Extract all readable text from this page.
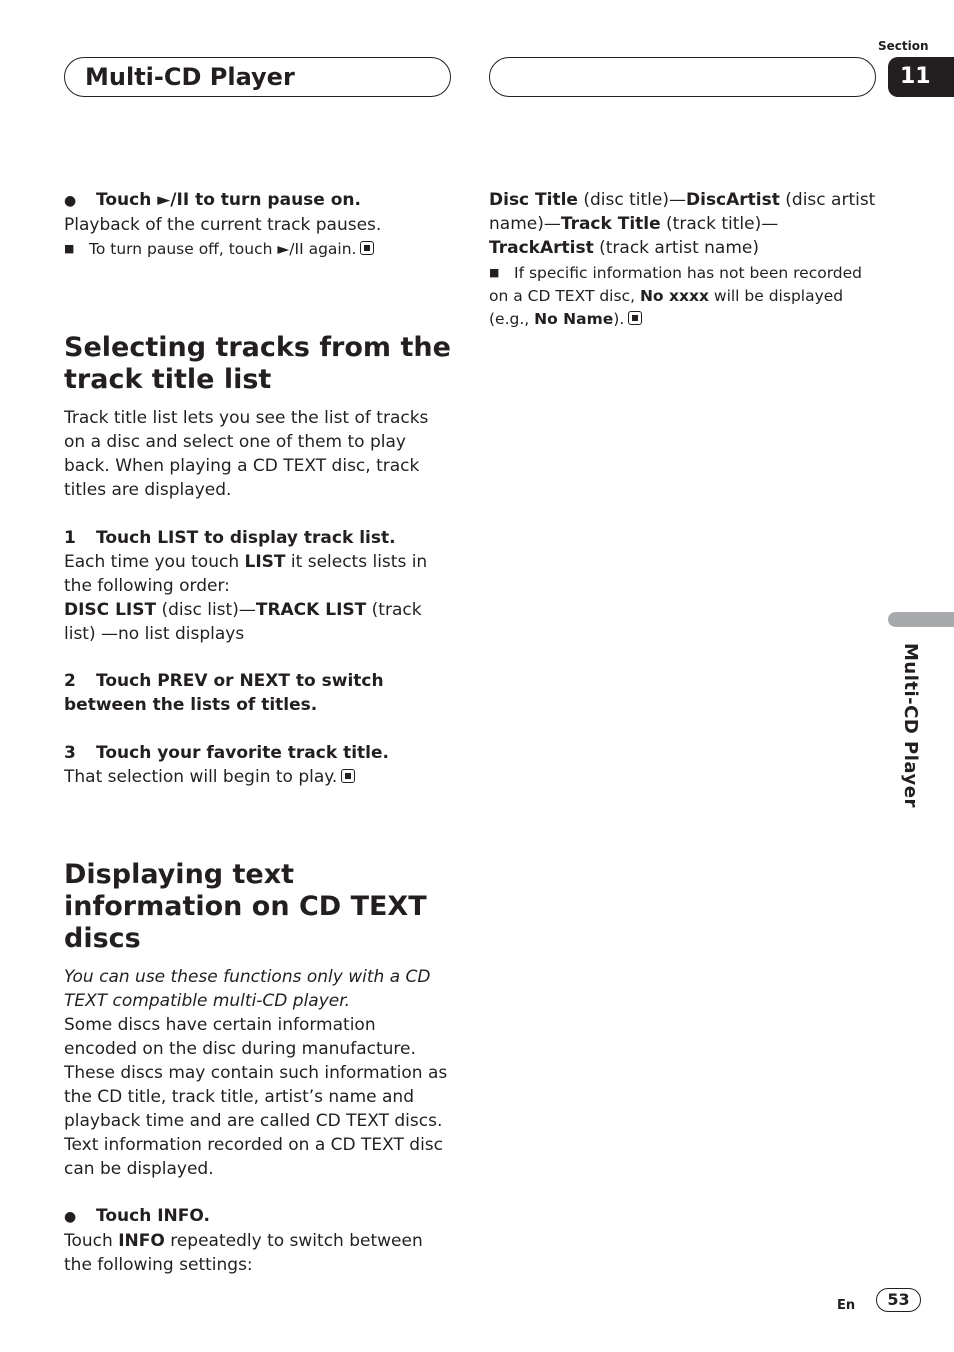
Multi-CD Player
Section
11
Multi-CD Player

●Touch ►/II to turn pause on.

Playback of the current track pauses.

■ To turn pause off, touch ►/II again.

Selecting tracks from the track title list

Track title list lets you see the list of tracks on a disc and select one of them to play back. When playing a CD TEXT disc, track titles are displayed.

1 Touch LIST to display track list.

Each time you touch LIST it selects lists in the following order:

DISC LIST (disc list)—TRACK LIST (track list) —no list displays

2 Touch PREV or NEXT to switch between the lists of titles.

3 Touch your favorite track title.

That selection will begin to play.

Displaying text information on CD TEXT discs

You can use these functions only with a CD TEXT compatible multi-CD player.

Some discs have certain information encoded on the disc during manufacture. These discs may contain such information as the CD title, track title, artist’s name and playback time and are called CD TEXT discs. Text information recorded on a CD TEXT disc can be displayed.

●Touch INFO.

Touch INFO repeatedly to switch between the following settings:

Disc Title (disc title)—DiscArtist (disc artist name)—Track Title (track title)—TrackArtist (track artist name)

■ If specific information has not been recorded on a CD TEXT disc, No xxxx will be displayed (e.g., No Name).

En	53
